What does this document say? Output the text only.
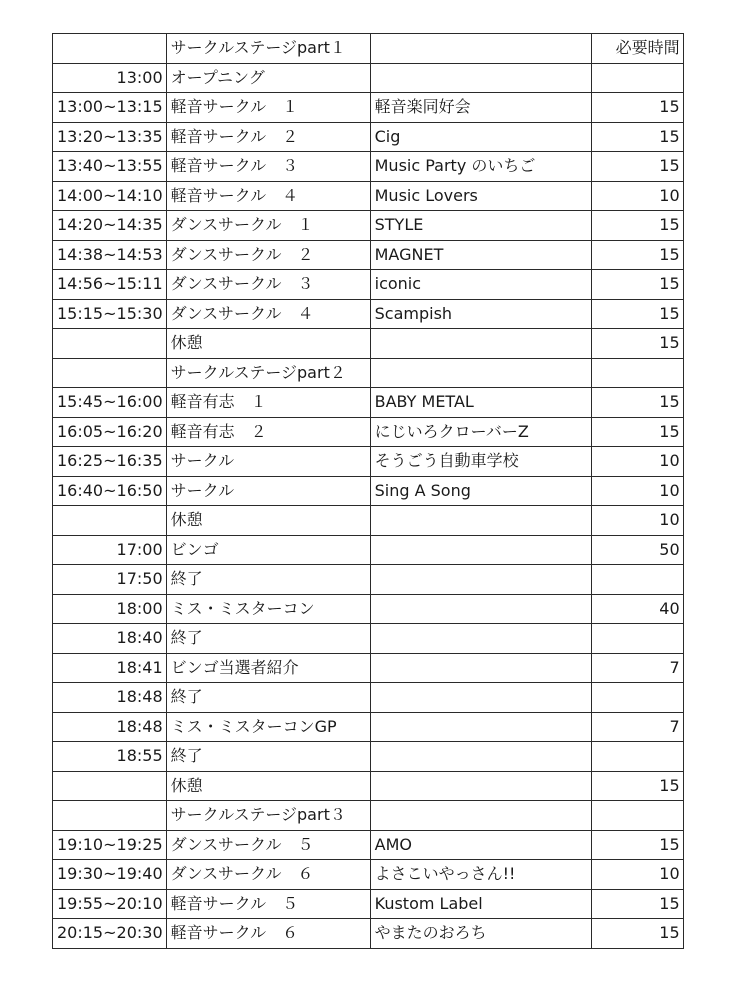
	サークルステージpart１		必要時間
13:00	オープニング		
13:00~13:15	軽音サークル　１	軽音楽同好会	15
13:20~13:35	軽音サークル　２	Cig	15
13:40~13:55	軽音サークル　３	Music Party のいちご	15
14:00~14:10	軽音サークル　４	Music Lovers	10
14:20~14:35	ダンスサークル　１	STYLE	15
14:38~14:53	ダンスサークル　２	MAGNET	15
14:56~15:11	ダンスサークル　３	iconic	15
15:15~15:30	ダンスサークル　４	Scampish	15
	休憩		15
	サークルステージpart２		
15:45~16:00	軽音有志　１	BABY METAL	15
16:05~16:20	軽音有志　２	にじいろクローバーZ	15
16:25~16:35	サークル	そうごう自動車学校	10
16:40~16:50	サークル	Sing A Song	10
	休憩		10
17:00	ビンゴ		50
17:50	終了		
18:00	ミス・ミスターコン		40
18:40	終了		
18:41	ビンゴ当選者紹介		7
18:48	終了		
18:48	ミス・ミスターコンGP		7
18:55	終了		
	休憩		15
	サークルステージpart３		
19:10~19:25	ダンスサークル　５	AMO	15
19:30~19:40	ダンスサークル　６	よさこいやっさん!!	10
19:55~20:10	軽音サークル　５	Kustom Label	15
20:15~20:30	軽音サークル　６	やまたのおろち	15
